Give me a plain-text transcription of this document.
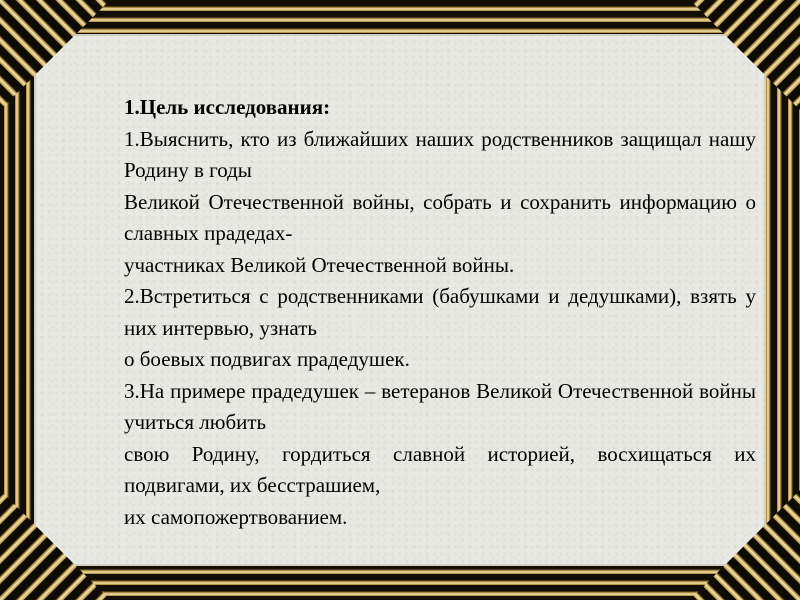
1.Цель исследования:
1.Выяснить, кто из ближайших наших родственников защищал нашу Родину в годы
Великой Отечественной войны, собрать и сохранить информацию о славных прадедах-
участниках Великой Отечественной войны.
2.Встретиться с родственниками (бабушками и дедушками), взять у них интервью, узнать
о боевых подвигах прадедушек.
3.На примере прадедушек – ветеранов Великой Отечественной войны учиться любить
свою Родину, гордиться славной историей, восхищаться их подвигами, их бесстрашием,
их самопожертвованием.
